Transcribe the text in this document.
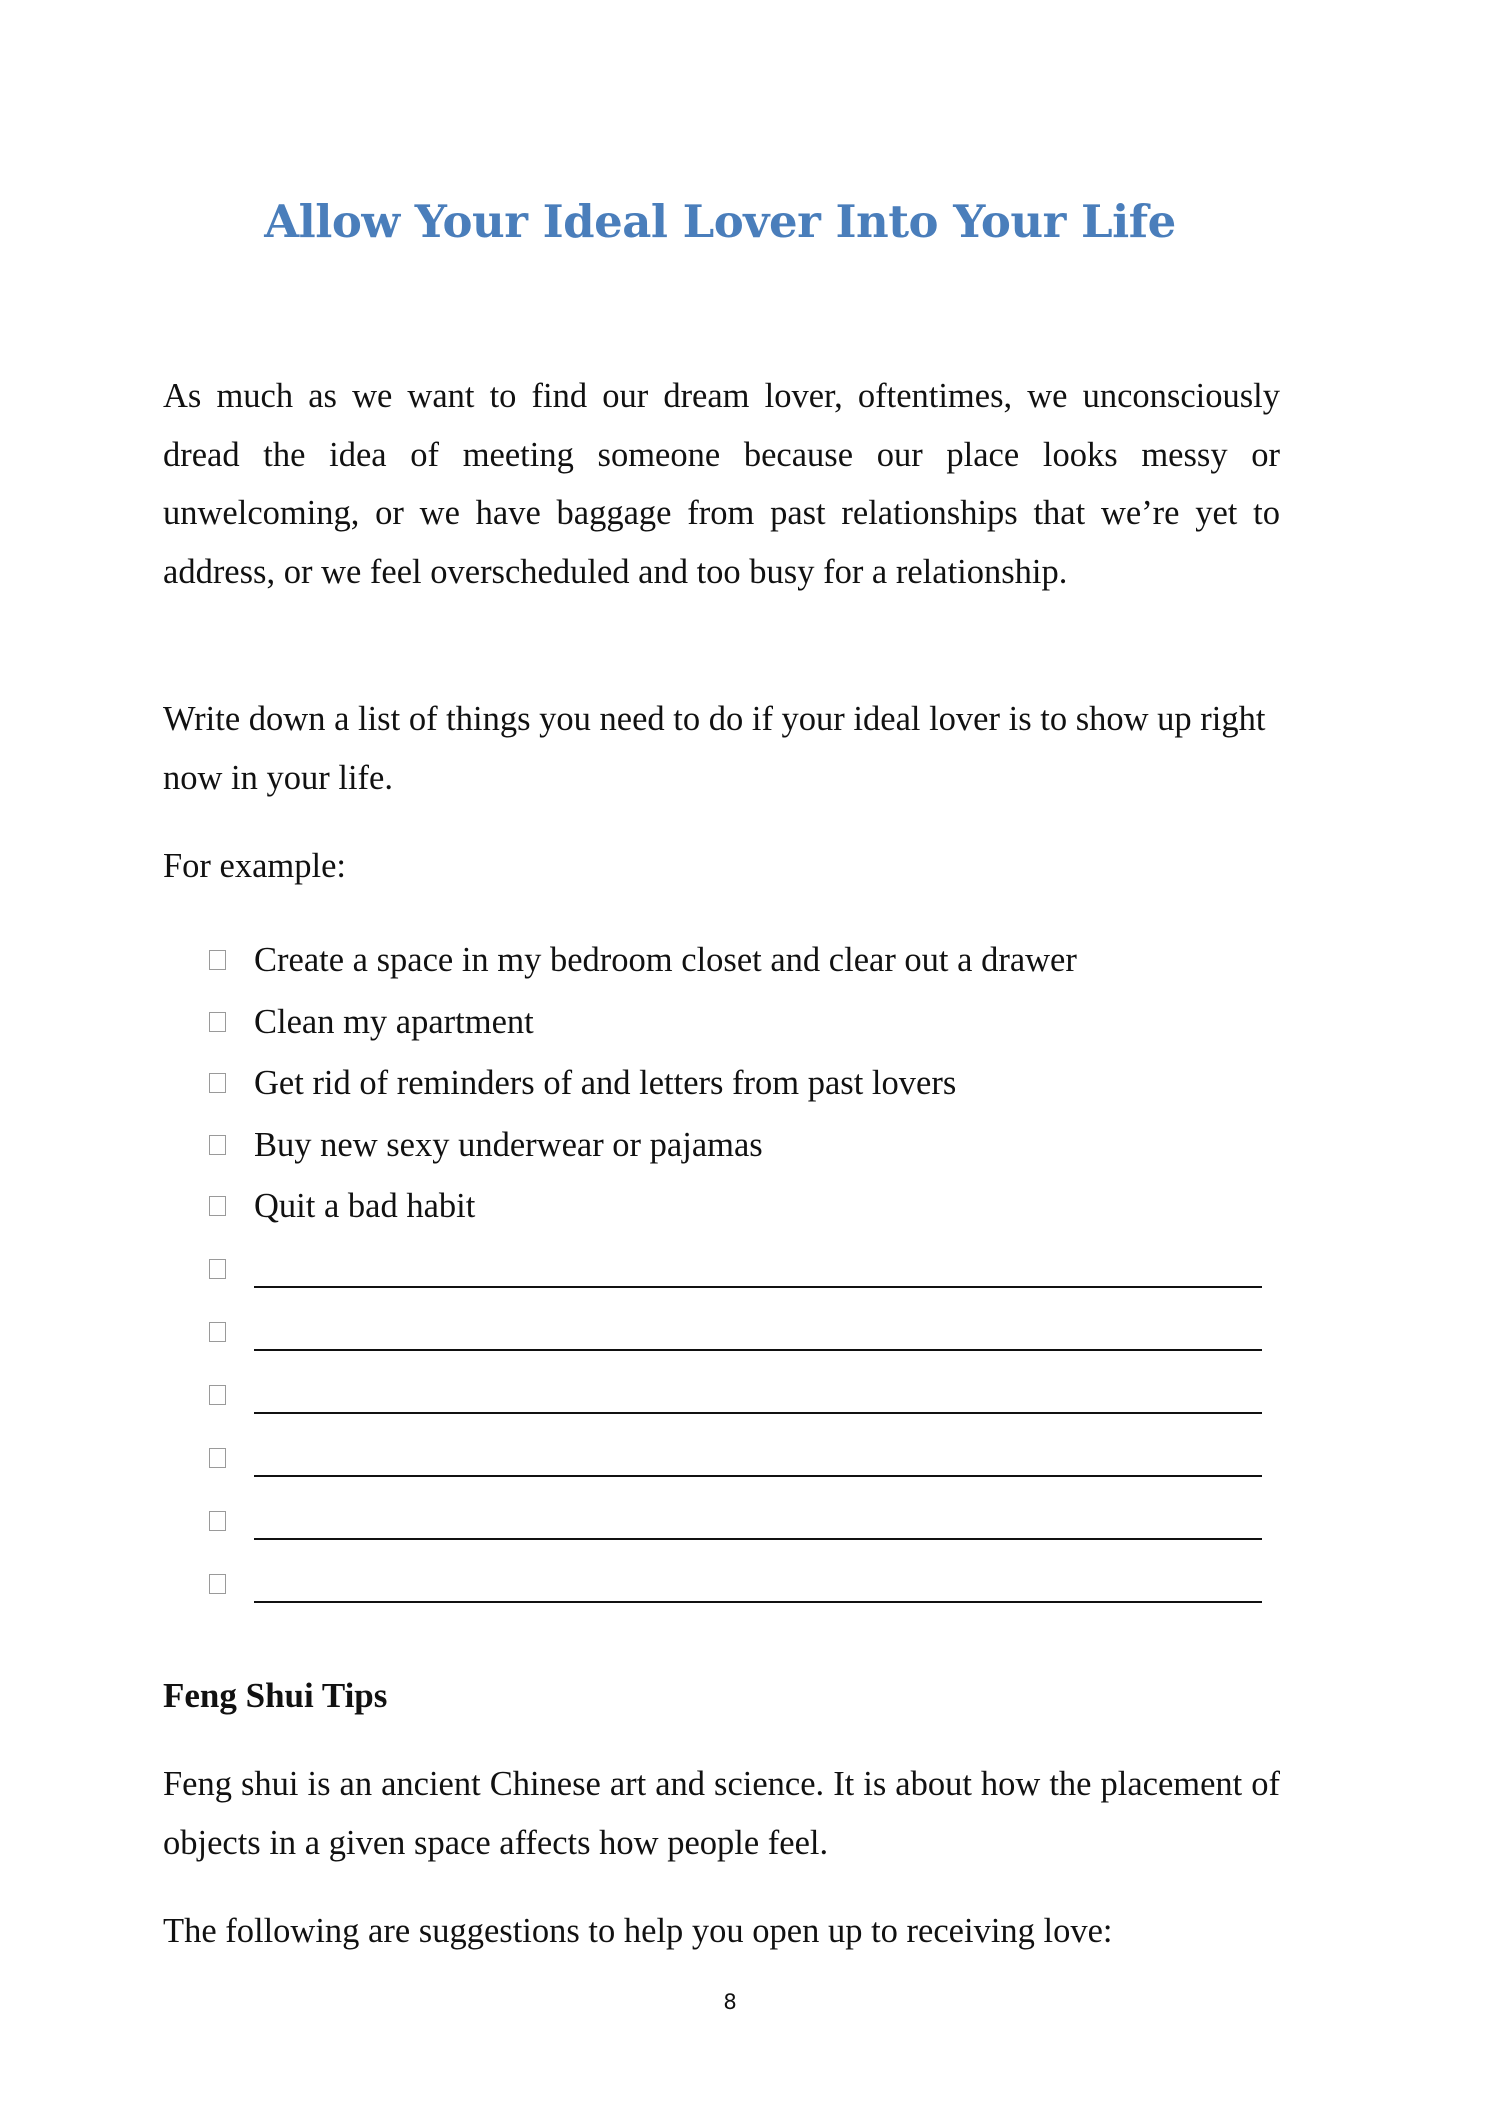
Allow Your Ideal Lover Into Your Life

As much as we want to find our dream lover, oftentimes, we unconsciously dread the idea of meeting someone because our place looks messy or unwelcoming, or we have baggage from past relationships that we’re yet to address, or we feel overscheduled and too busy for a relationship.

Write down a list of things you need to do if your ideal lover is to show up right now in your life.

For example:

Create a space in my bedroom closet and clear out a drawer
Clean my apartment
Get rid of reminders of and letters from past lovers
Buy new sexy underwear or pajamas
Quit a bad habit
Feng Shui Tips

Feng shui is an ancient Chinese art and science. It is about how the placement of objects in a given space affects how people feel.

The following are suggestions to help you open up to receiving love:

8
